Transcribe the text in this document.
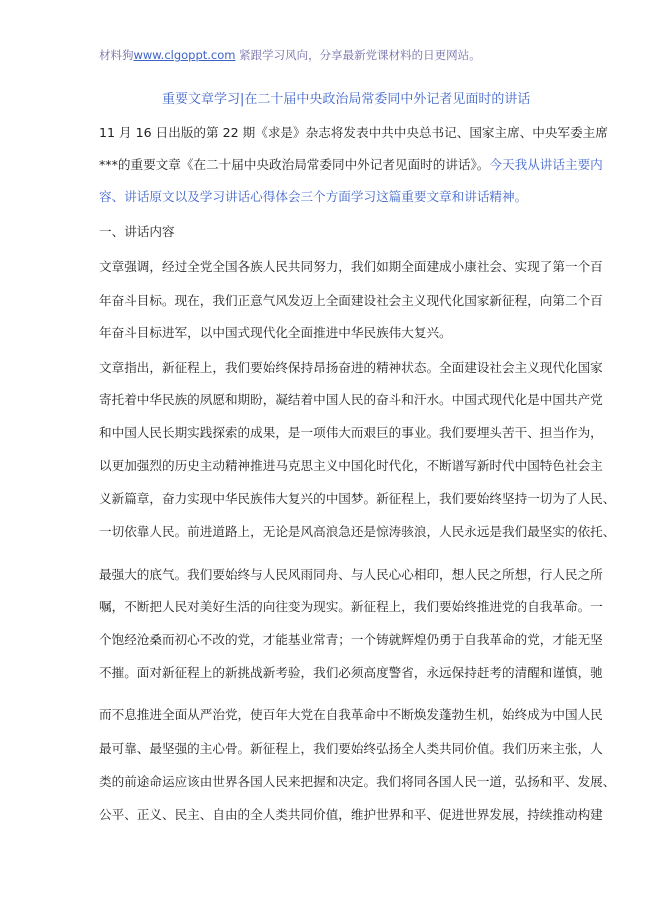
材料狗www.clgoppt.com 紧跟学习风向，分享最新党课材料的日更网站。
重要文章学习|在二十届中央政治局常委同中外记者见面时的讲话
11 月 16 日出版的第 22 期《求是》杂志将发表中共中央总书记、国家主席、中央军委主席
***的重要文章《在二十届中央政治局常委同中外记者见面时的讲话》。今天我从讲话主要内
容、讲话原文以及学习讲话心得体会三个方面学习这篇重要文章和讲话精神。
一、讲话内容
文章强调，经过全党全国各族人民共同努力，我们如期全面建成小康社会、实现了第一个百
年奋斗目标。现在，我们正意气风发迈上全面建设社会主义现代化国家新征程，向第二个百
年奋斗目标进军，以中国式现代化全面推进中华民族伟大复兴。
文章指出，新征程上，我们要始终保持昂扬奋进的精神状态。全面建设社会主义现代化国家
寄托着中华民族的夙愿和期盼，凝结着中国人民的奋斗和汗水。中国式现代化是中国共产党
和中国人民长期实践探索的成果，是一项伟大而艰巨的事业。我们要埋头苦干、担当作为，
以更加强烈的历史主动精神推进马克思主义中国化时代化，不断谱写新时代中国特色社会主
义新篇章，奋力实现中华民族伟大复兴的中国梦。新征程上，我们要始终坚持一切为了人民、
一切依靠人民。前进道路上，无论是风高浪急还是惊涛骇浪，人民永远是我们最坚实的依托、
最强大的底气。我们要始终与人民风雨同舟、与人民心心相印，想人民之所想，行人民之所
嘱，不断把人民对美好生活的向往变为现实。新征程上，我们要始终推进党的自我革命。一
个饱经沧桑而初心不改的党，才能基业常青；一个铸就辉煌仍勇于自我革命的党，才能无坚
不摧。面对新征程上的新挑战新考验，我们必须高度警省，永远保持赶考的清醒和谨慎，驰
而不息推进全面从严治党，使百年大党在自我革命中不断焕发蓬勃生机，始终成为中国人民
最可靠、最坚强的主心骨。新征程上，我们要始终弘扬全人类共同价值。我们历来主张，人
类的前途命运应该由世界各国人民来把握和决定。我们将同各国人民一道，弘扬和平、发展、
公平、正义、民主、自由的全人类共同价值，维护世界和平、促进世界发展，持续推动构建
